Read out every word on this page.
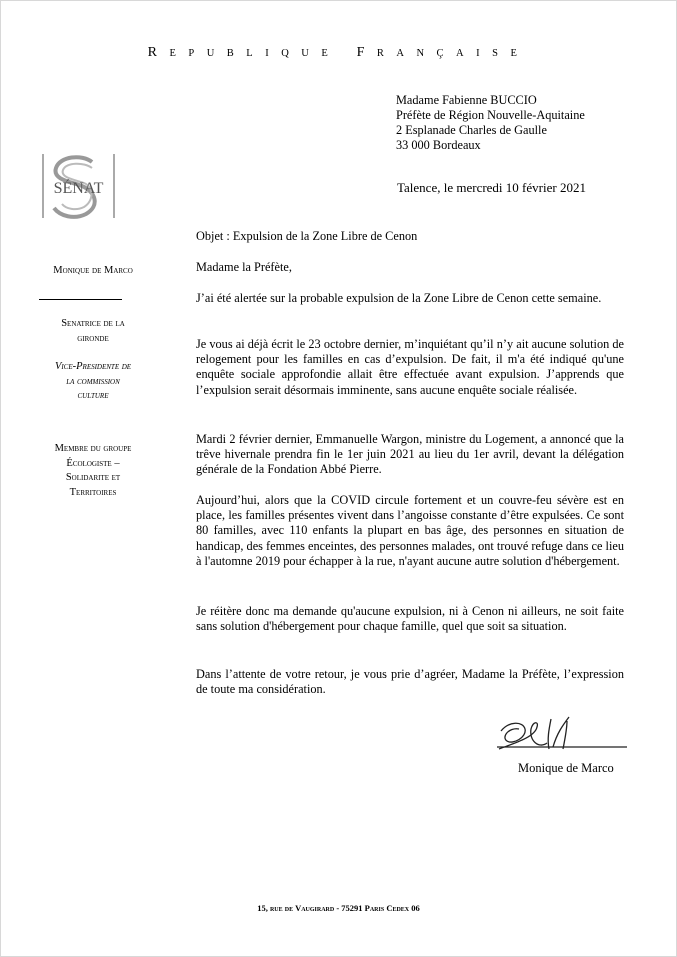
REPUBLIQUE FRANÇAISE
Madame Fabienne BUCCIO
Préfète de Région Nouvelle-Aquitaine
2 Esplanade Charles de Gaulle
33 000 Bordeaux
SÉNAT	Talence, le mercredi 10 février 2021
Monique de Marco
Senatrice de la
gironde
Vice-Presidente de
la commission
culture
Membre du groupe
Écologiste –
Solidarite et
Territoires
Objet : Expulsion de la Zone Libre de Cenon
Madame la Préfète,
J’ai été alertée sur la probable expulsion de la Zone Libre de Cenon cette semaine.
Je vous ai déjà écrit le 23 octobre dernier, m’inquiétant qu’il n’y ait aucune solution de relogement pour les familles en cas d’expulsion. De fait, il m'a été indiqué qu'une enquête sociale approfondie allait être effectuée avant expulsion. J’apprends que l’expulsion serait désormais imminente, sans aucune enquête sociale réalisée.
Mardi 2 février dernier, Emmanuelle Wargon, ministre du Logement, a annoncé que la trêve hivernale prendra fin le 1er juin 2021 au lieu du 1er avril, devant la délégation générale de la Fondation Abbé Pierre.
Aujourd’hui, alors que la COVID circule fortement et un couvre-feu sévère est en place, les familles présentes vivent dans l’angoisse constante d’être expulsées. Ce sont 80 familles, avec 110 enfants la plupart en bas âge, des personnes en situation de handicap, des femmes enceintes, des personnes malades, ont trouvé refuge dans ce lieu à l'automne 2019 pour échapper à la rue, n'ayant aucune autre solution d'hébergement.
Je réitère donc ma demande qu'aucune expulsion, ni à Cenon ni ailleurs, ne soit faite sans solution d'hébergement pour chaque famille, quel que soit sa situation.
Dans l’attente de votre retour, je vous prie d’agréer, Madame la Préfète, l’expression de toute ma considération.
Monique de Marco
15, rue de Vaugirard - 75291 Paris Cedex 06
